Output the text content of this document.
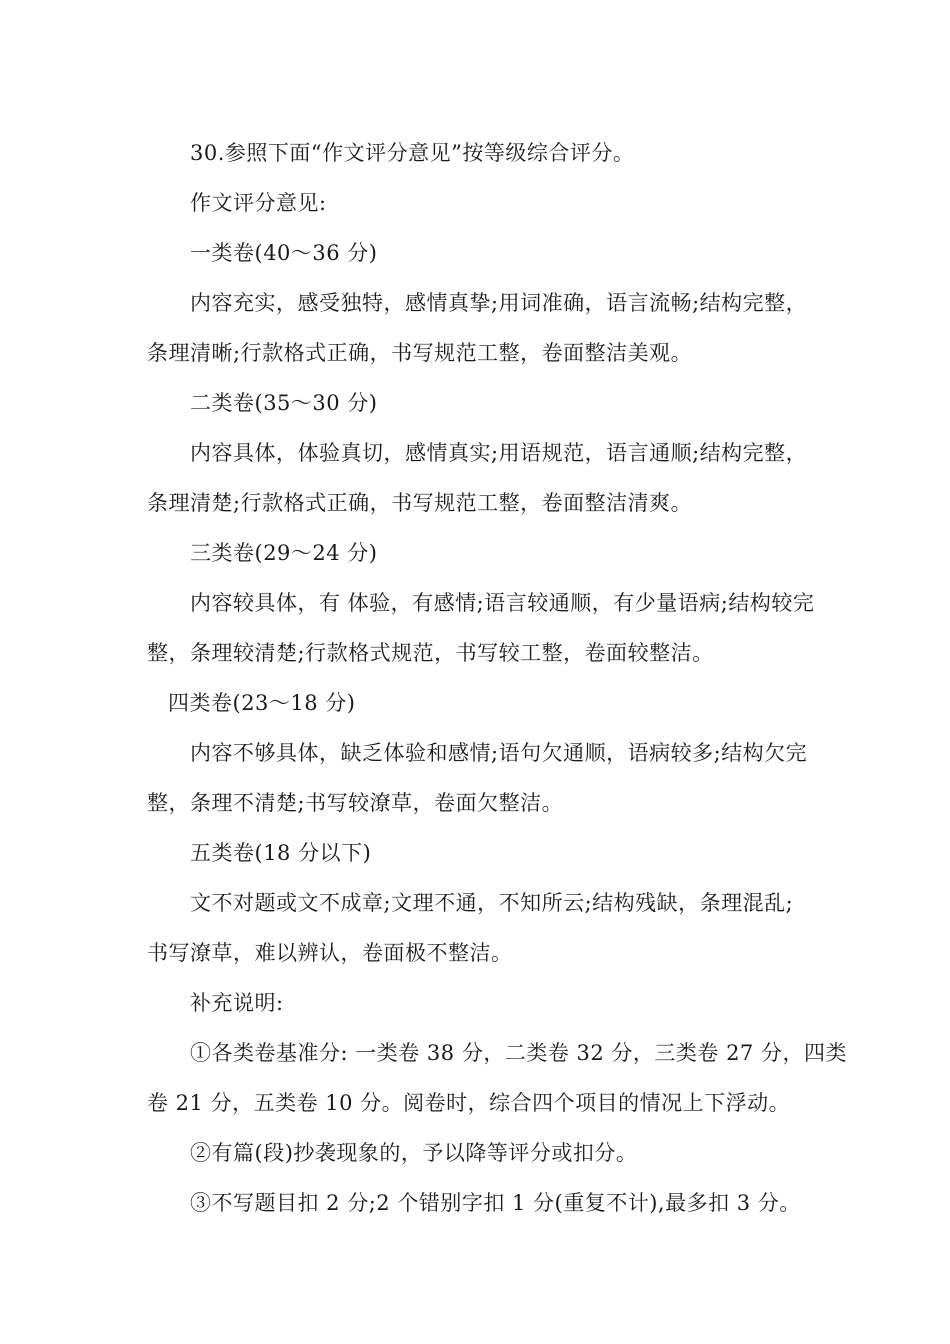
30.参照下面“作文评分意见”按等级综合评分。
作文评分意见:
一类卷(40～36 分)
内容充实，感受独特，感情真挚;用词准确，语言流畅;结构完整，
条理清晰;行款格式正确，书写规范工整，卷面整洁美观。
二类卷(35～30 分)
内容具体，体验真切，感情真实;用语规范，语言通顺;结构完整，
条理清楚;行款格式正确，书写规范工整，卷面整洁清爽。
三类卷(29～24 分)
内容较具体，有 体验，有感情;语言较通顺，有少量语病;结构较完
整，条理较清楚;行款格式规范，书写较工整，卷面较整洁。
四类卷(23～18 分)
内容不够具体，缺乏体验和感情;语句欠通顺，语病较多;结构欠完
整，条理不清楚;书写较潦草，卷面欠整洁。
五类卷(18 分以下)
文不对题或文不成章;文理不通，不知所云;结构残缺，条理混乱;
书写潦草，难以辨认，卷面极不整洁。
补充说明:
①各类卷基准分: 一类卷 38 分，二类卷 32 分，三类卷 27 分，四类
卷 21 分，五类卷 10 分。阅卷时，综合四个项目的情况上下浮动。
②有篇(段)抄袭现象的，予以降等评分或扣分。
③不写题目扣 2 分;2 个错别字扣 1 分(重复不计),最多扣 3 分。
